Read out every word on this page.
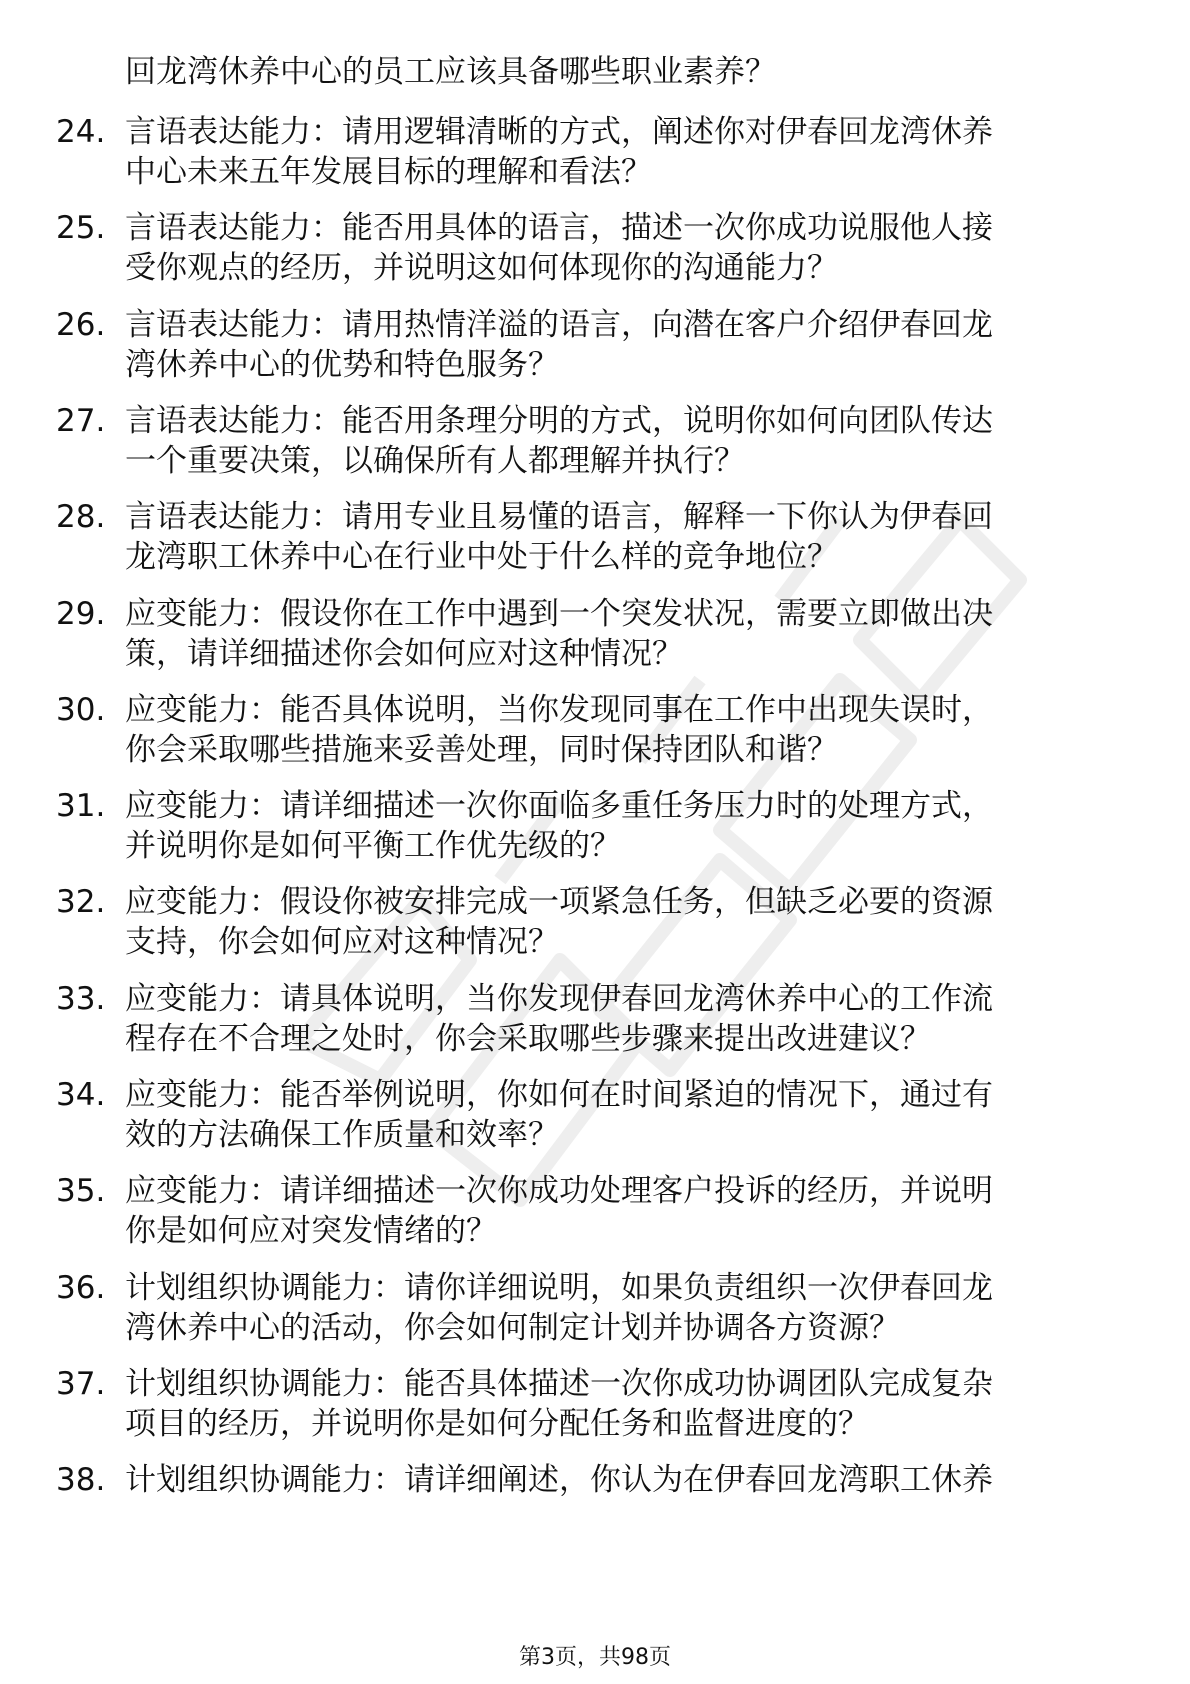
回龙湾休养中心的员工应该具备哪些职业素养？
24. 言语表达能力：请用逻辑清晰的方式，阐述你对伊春回龙湾休养
中心未来五年发展目标的理解和看法？
25. 言语表达能力：能否用具体的语言，描述一次你成功说服他人接
受你观点的经历，并说明这如何体现你的沟通能力？
26. 言语表达能力：请用热情洋溢的语言，向潜在客户介绍伊春回龙
湾休养中心的优势和特色服务？
27. 言语表达能力：能否用条理分明的方式，说明你如何向团队传达
一个重要决策，以确保所有人都理解并执行？
28. 言语表达能力：请用专业且易懂的语言，解释一下你认为伊春回
龙湾职工休养中心在行业中处于什么样的竞争地位？
29. 应变能力：假设你在工作中遇到一个突发状况，需要立即做出决
策，请详细描述你会如何应对这种情况？
30. 应变能力：能否具体说明，当你发现同事在工作中出现失误时，
你会采取哪些措施来妥善处理，同时保持团队和谐？
31. 应变能力：请详细描述一次你面临多重任务压力时的处理方式，
并说明你是如何平衡工作优先级的？
32. 应变能力：假设你被安排完成一项紧急任务，但缺乏必要的资源
支持，你会如何应对这种情况？
33. 应变能力：请具体说明，当你发现伊春回龙湾休养中心的工作流
程存在不合理之处时，你会采取哪些步骤来提出改进建议？
34. 应变能力：能否举例说明，你如何在时间紧迫的情况下，通过有
效的方法确保工作质量和效率？
35. 应变能力：请详细描述一次你成功处理客户投诉的经历，并说明
你是如何应对突发情绪的？
36. 计划组织协调能力：请你详细说明，如果负责组织一次伊春回龙
湾休养中心的活动，你会如何制定计划并协调各方资源？
37. 计划组织协调能力：能否具体描述一次你成功协调团队完成复杂
项目的经历，并说明你是如何分配任务和监督进度的？
38. 计划组织协调能力：请详细阐述，你认为在伊春回龙湾职工休养
第3页，共98页
